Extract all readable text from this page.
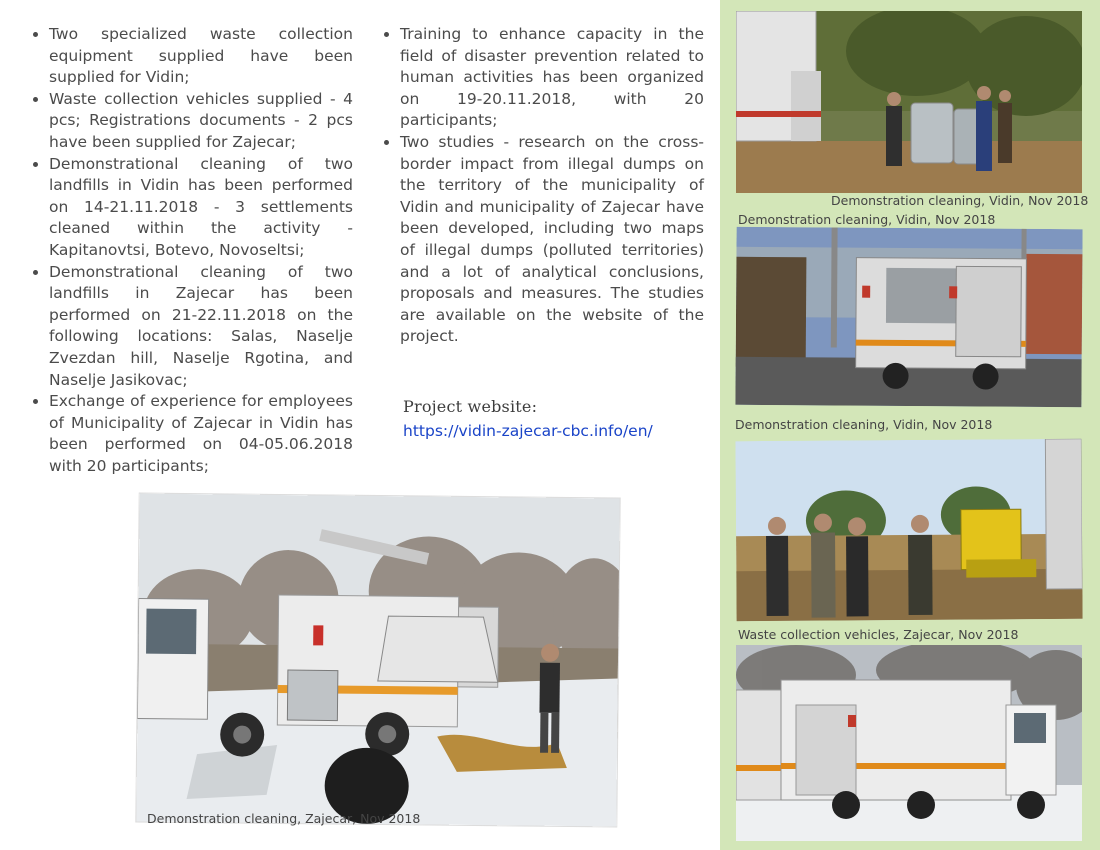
• Two specialized waste collection equipment supplied have been supplied for Vidin;
• Waste collection vehicles supplied - 4 pcs; Registrations documents - 2 pcs have been supplied for Zajecar;
• Demonstrational cleaning of two landfills in Vidin has been performed on 14-21.11.2018 - 3 settlements cleaned within the activity - Kapitanovtsi, Botevo, Novoseltsi;
• Demonstrational cleaning of two landfills in Zajecar has been performed on 21-22.11.2018 on the following locations: Salas, Naselje Zvezdan hill, Naselje Rgotina, and Naselje Jasikovac;
• Exchange of experience for employees of Municipality of Zajecar in Vidin has been performed on 04-05.06.2018 with 20 participants;
• Training to enhance capacity in the field of disaster prevention related to human activities has been organized on 19-20.11.2018, with 20 participants;
• Two studies - research on the cross-border impact from illegal dumps on the territory of the municipality of Vidin and municipality of Zajecar have been developed, including two maps of illegal dumps (polluted territories) and a lot of analytical conclusions, proposals and measures. The studies are available on the website of the project.
Project website:
https://vidin-zajecar-cbc.info/en/
Demonstration cleaning, Zajecar, Nov 2018
Demonstration cleaning, Vidin, Nov 2018
Demonstration cleaning, Vidin, Nov 2018
Demonstration cleaning, Vidin, Nov 2018
Waste collection vehicles, Zajecar, Nov 2018
